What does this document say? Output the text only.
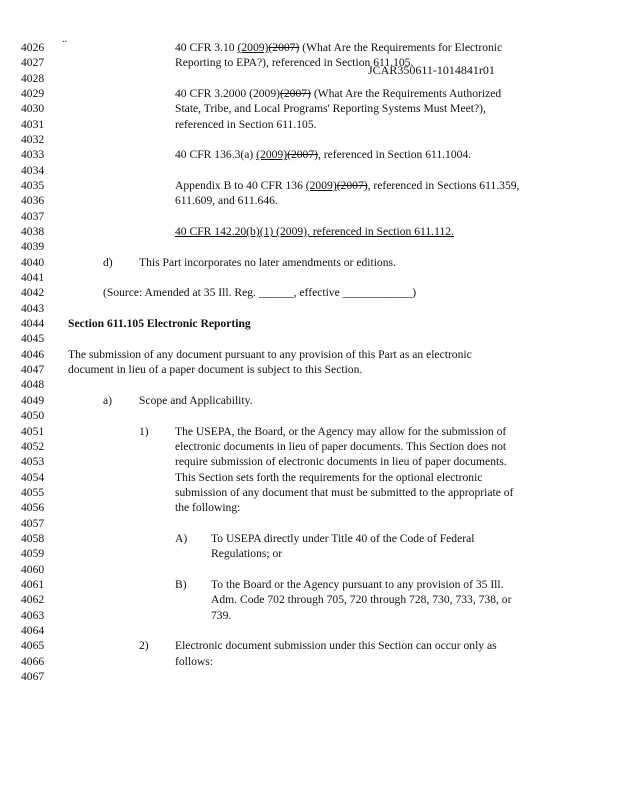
..
JCAR350611-1014841r01
4026	40 CFR 3.10 (2009)(2007) (What Are the Requirements for Electronic
4027	Reporting to EPA?), referenced in Section 611.105.
4028
4029	40 CFR 3.2000 (2009)(2007) (What Are the Requirements Authorized
4030	State, Tribe, and Local Programs' Reporting Systems Must Meet?),
4031	referenced in Section 611.105.
4032
4033	40 CFR 136.3(a) (2009)(2007), referenced in Section 611.1004.
4034
4035	Appendix B to 40 CFR 136 (2009)(2007), referenced in Sections 611.359,
4036	611.609, and 611.646.
4037
4038	40 CFR 142.20(b)(1) (2009), referenced in Section 611.112.
4039
4040	d) This Part incorporates no later amendments or editions.
4041
4042	(Source: Amended at 35 Ill. Reg. ______, effective ____________)
4043
4044 Section 611.105 Electronic Reporting
4045
4046 The submission of any document pursuant to any provision of this Part as an electronic
4047 document in lieu of a paper document is subject to this Section.
4048
4049	a) Scope and Applicability.
4050
4051	1) The USEPA, the Board, or the Agency may allow for the submission of
4052	electronic documents in lieu of paper documents. This Section does not
4053	require submission of electronic documents in lieu of paper documents.
4054	This Section sets forth the requirements for the optional electronic
4055	submission of any document that must be submitted to the appropriate of
4056	the following:
4057
4058	A) To USEPA directly under Title 40 of the Code of Federal
4059	Regulations; or
4060
4061	B) To the Board or the Agency pursuant to any provision of 35 Ill.
4062	Adm. Code 702 through 705, 720 through 728, 730, 733, 738, or
4063	739.
4064
4065	2) Electronic document submission under this Section can occur only as
4066	follows:
4067
